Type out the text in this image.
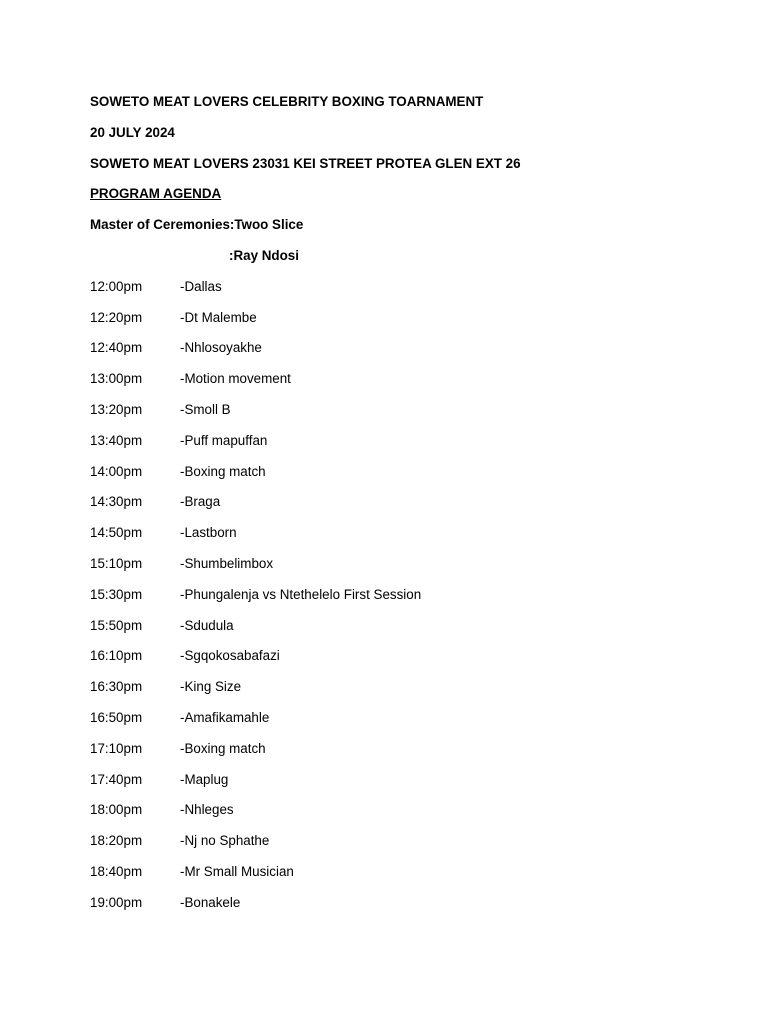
SOWETO MEAT LOVERS CELEBRITY BOXING TOARNAMENT
20 JULY 2024
SOWETO MEAT LOVERS 23031 KEI STREET PROTEA GLEN EXT 26
PROGRAM AGENDA
Master of Ceremonies:Twoo Slice
:Ray Ndosi
12:00pm	-Dallas
12:20pm	-Dt Malembe
12:40pm	-Nhlosoyakhe
13:00pm	-Motion movement
13:20pm	-Smoll B
13:40pm	-Puff mapuffan
14:00pm	-Boxing match
14:30pm	-Braga
14:50pm	-Lastborn
15:10pm	-Shumbelimbox
15:30pm	-Phungalenja vs Ntethelelo First Session
15:50pm	-Sdudula
16:10pm	-Sgqokosabafazi
16:30pm	-King Size
16:50pm	-Amafikamahle
17:10pm	-Boxing match
17:40pm	-Maplug
18:00pm	-Nhleges
18:20pm	-Nj no Sphathe
18:40pm	-Mr Small Musician
19:00pm	-Bonakele
